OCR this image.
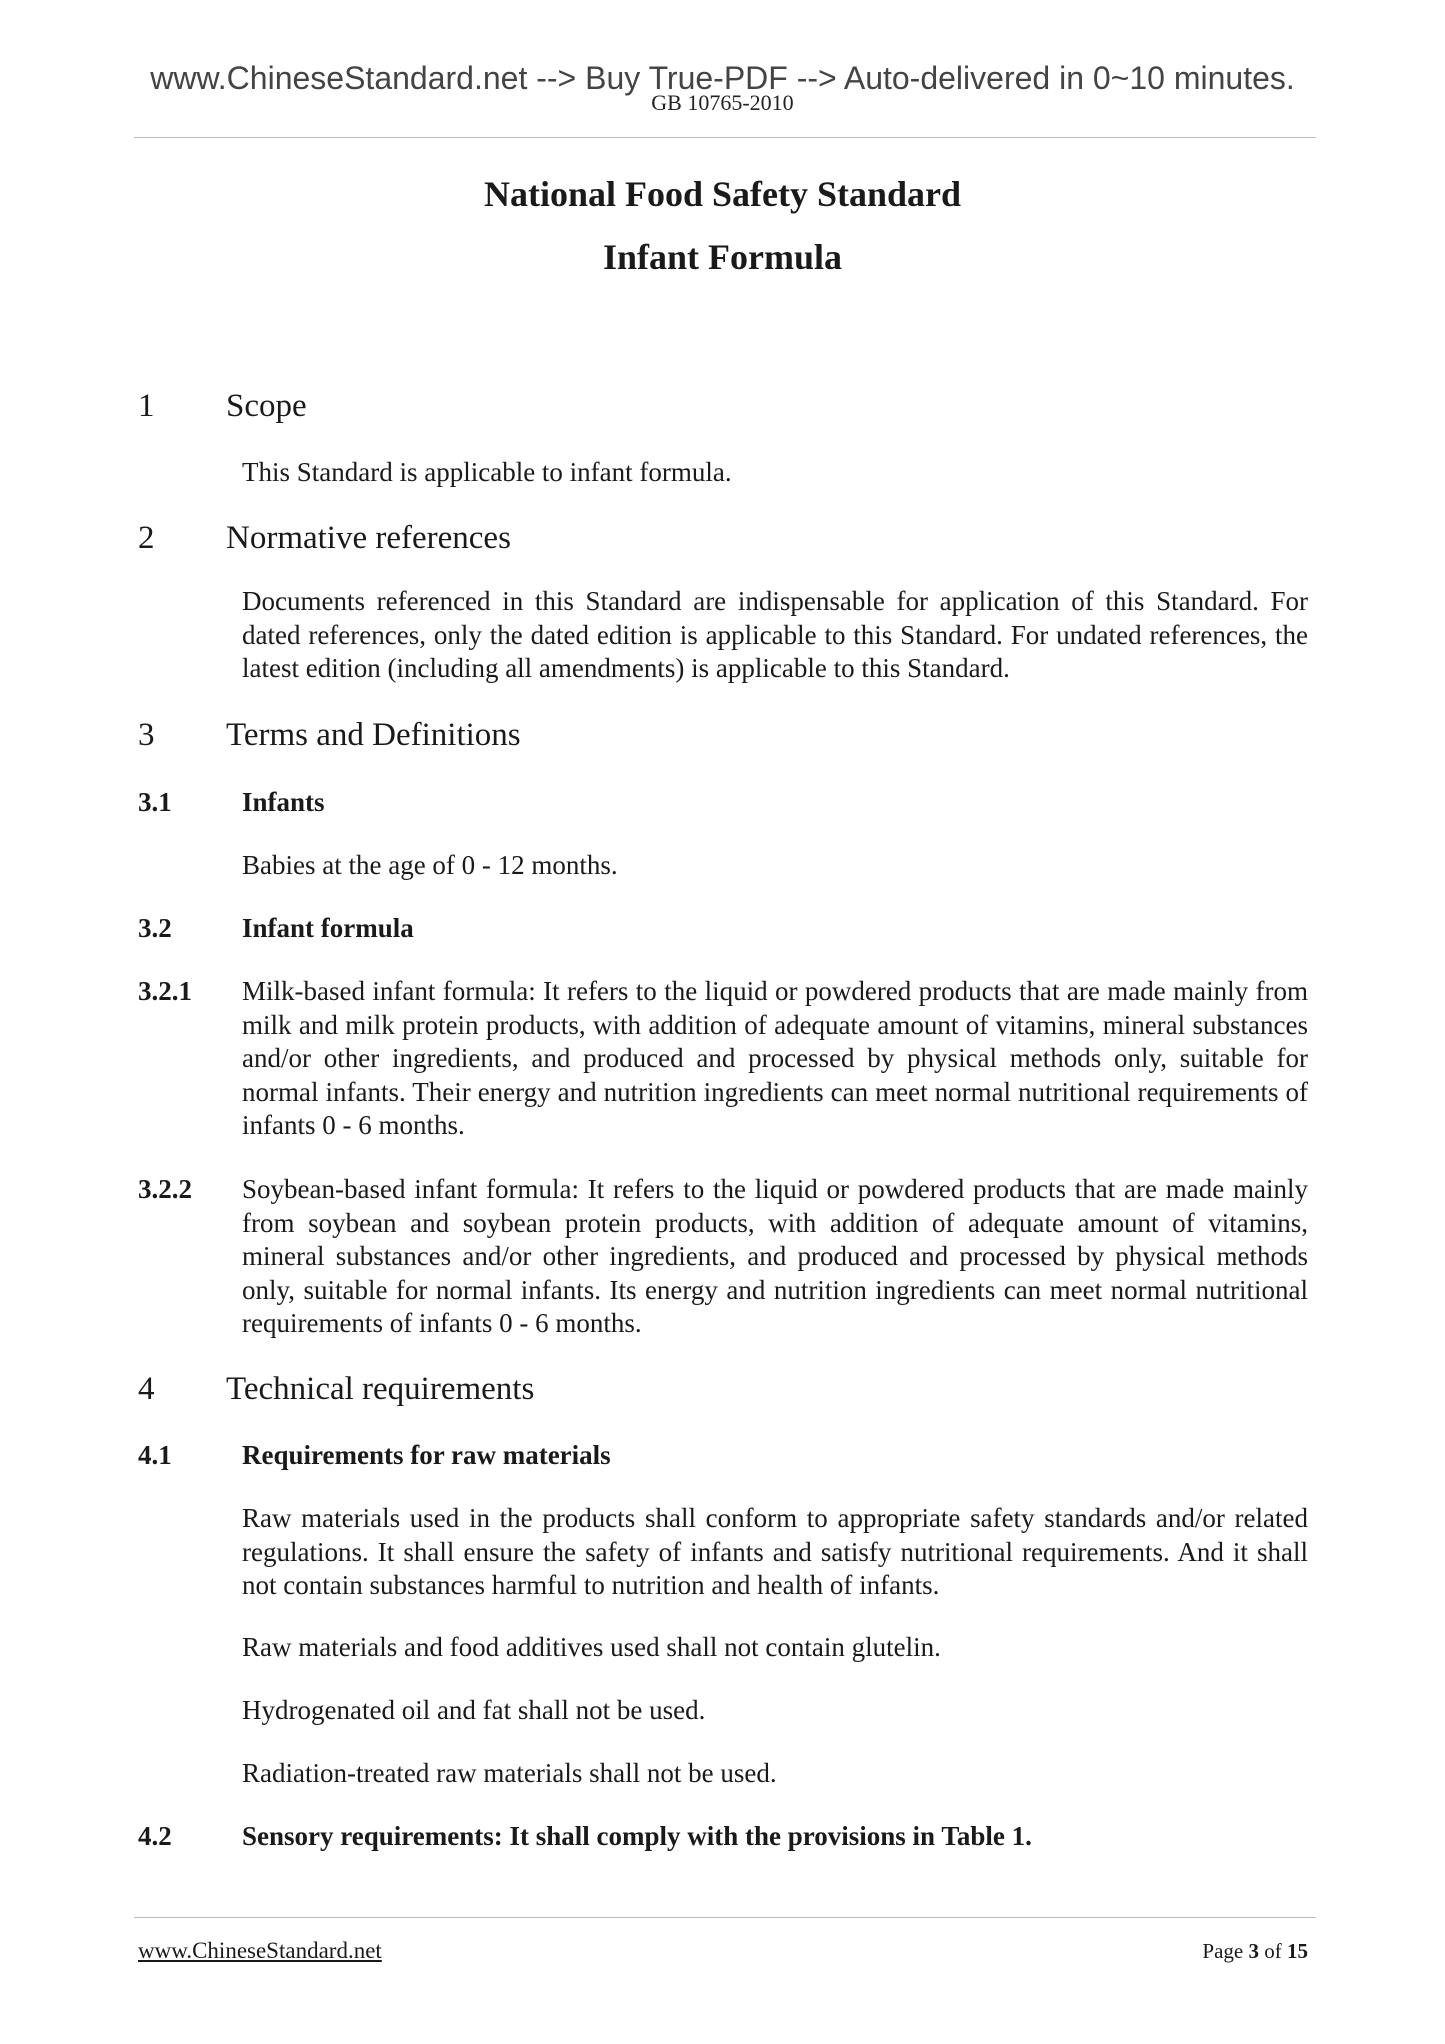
www.ChineseStandard.net --> Buy True-PDF --> Auto-delivered in 0~10 minutes.
GB 10765-2010
National Food Safety Standard
Infant Formula
1 Scope

This Standard is applicable to infant formula.

2 Normative references

Documents referenced in this Standard are indispensable for application of this Standard. For dated references, only the dated edition is applicable to this Standard. For undated references, the latest edition (including all amendments) is applicable to this Standard.

3 Terms and Definitions
3.1	Infants

Babies at the age of 0 - 12 months.

3.2	Infant formula
3.2.1 Milk-based infant formula: It refers to the liquid or powdered products that are made mainly from milk and milk protein products, with addition of adequate amount of vitamins, mineral substances and/or other ingredients, and produced and processed by physical methods only, suitable for normal infants. Their energy and nutrition ingredients can meet normal nutritional requirements of infants 0 - 6 months.

3.2.2 Soybean-based infant formula: It refers to the liquid or powdered products that are made mainly from soybean and soybean protein products, with addition of adequate amount of vitamins, mineral substances and/or other ingredients, and produced and processed by physical methods only, suitable for normal infants. Its energy and nutrition ingredients can meet normal nutritional requirements of infants 0 - 6 months.

4 Technical requirements
4.1	Requirements for raw materials

Raw materials used in the products shall conform to appropriate safety standards and/or related regulations. It shall ensure the safety of infants and satisfy nutritional requirements. And it shall not contain substances harmful to nutrition and health of infants.

Raw materials and food additives used shall not contain glutelin.

Hydrogenated oil and fat shall not be used.

Radiation-treated raw materials shall not be used.

4.2	Sensory requirements: It shall comply with the provisions in Table 1.
www.ChineseStandard.net	Page 3 of 15
